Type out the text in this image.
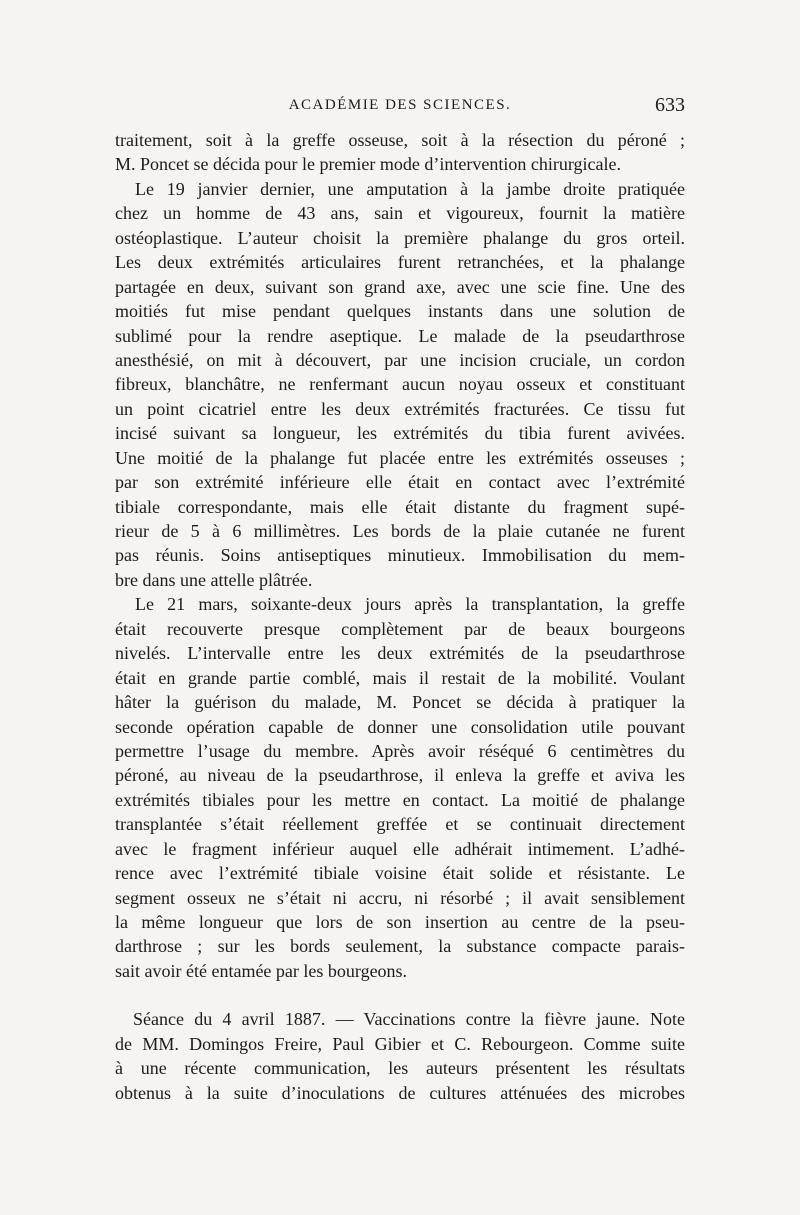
ACADÉMIE DES SCIENCES.	633
traitement, soit à la greffe osseuse, soit à la résection du péroné ;
M. Poncet se décida pour le premier mode d’intervention chirurgicale.
Le 19 janvier dernier, une amputation à la jambe droite pratiquée
chez un homme de 43 ans, sain et vigoureux, fournit la matière
ostéoplastique. L’auteur choisit la première phalange du gros orteil.
Les deux extrémités articulaires furent retranchées, et la phalange
partagée en deux, suivant son grand axe, avec une scie fine. Une des
moitiés fut mise pendant quelques instants dans une solution de
sublimé pour la rendre aseptique. Le malade de la pseudarthrose
anesthésié, on mit à découvert, par une incision cruciale, un cordon
fibreux, blanchâtre, ne renfermant aucun noyau osseux et constituant
un point cicatriel entre les deux extrémités fracturées. Ce tissu fut
incisé suivant sa longueur, les extrémités du tibia furent avivées.
Une moitié de la phalange fut placée entre les extrémités osseuses ;
par son extrémité inférieure elle était en contact avec l’extrémité
tibiale correspondante, mais elle était distante du fragment supé-
rieur de 5 à 6 millimètres. Les bords de la plaie cutanée ne furent
pas réunis. Soins antiseptiques minutieux. Immobilisation du mem-
bre dans une attelle plâtrée.
Le 21 mars, soixante-deux jours après la transplantation, la greffe
était recouverte presque complètement par de beaux bourgeons
nivelés. L’intervalle entre les deux extrémités de la pseudarthrose
était en grande partie comblé, mais il restait de la mobilité. Voulant
hâter la guérison du malade, M. Poncet se décida à pratiquer la
seconde opération capable de donner une consolidation utile pouvant
permettre l’usage du membre. Après avoir réséqué 6 centimètres du
péroné, au niveau de la pseudarthrose, il enleva la greffe et aviva les
extrémités tibiales pour les mettre en contact. La moitié de phalange
transplantée s’était réellement greffée et se continuait directement
avec le fragment inférieur auquel elle adhérait intimement. L’adhé-
rence avec l’extrémité tibiale voisine était solide et résistante. Le
segment osseux ne s’était ni accru, ni résorbé ; il avait sensiblement
la même longueur que lors de son insertion au centre de la pseu-
darthrose ; sur les bords seulement, la substance compacte parais-
sait avoir été entamée par les bourgeons.
Séance du 4 avril 1887. — Vaccinations contre la fièvre jaune. Note
de MM. Domingos Freire, Paul Gibier et C. Rebourgeon. Comme suite
à une récente communication, les auteurs présentent les résultats
obtenus à la suite d’inoculations de cultures atténuées des microbes
